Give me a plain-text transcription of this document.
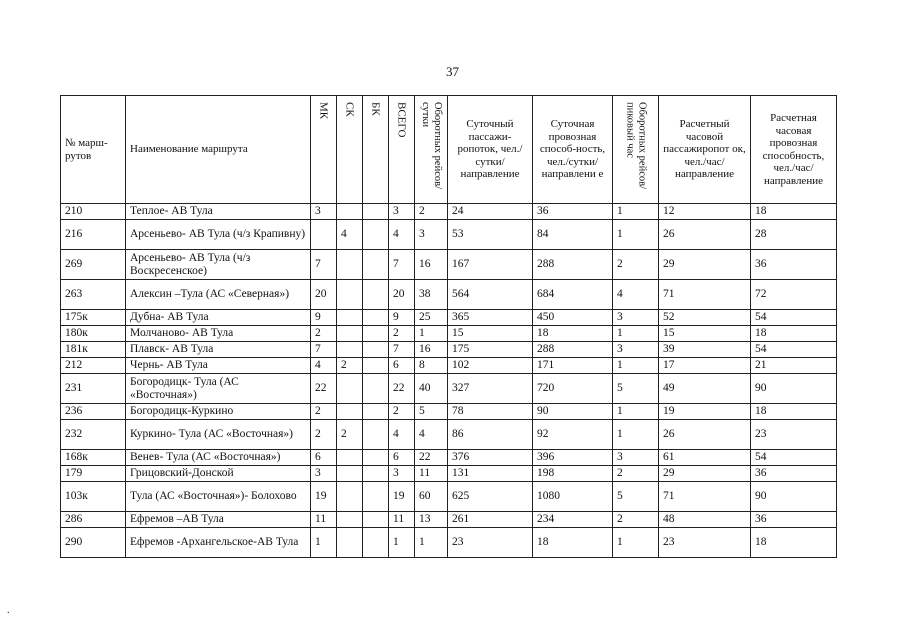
37
№ марш-
рутов	Наименование маршрута	МК	СК	БК	ВСЕГО	Оборотных рейсов/сутки	Суточный пассажи-ропоток, чел./сутки/ направление	Суточная провозная способ-ность, чел./сутки/ направлени е	Оборотных рейсов/ пиковый час	Расчетный часовой пассажиропот ок, чел./час/ направление	Расчетная часовая провозная способность, чел./час/ направление
210	Теплое- АВ Тула	3			3	2	24	36	1	12	18
216	Арсеньево- АВ Тула (ч/з Крапивну)		4		4	3	53	84	1	26	28
269	Арсеньево- АВ Тула (ч/з Воскресенское)	7			7	16	167	288	2	29	36
263	Алексин –Тула (АС «Северная»)	20			20	38	564	684	4	71	72
175к	Дубна- АВ Тула	9			9	25	365	450	3	52	54
180к	Молчаново- АВ Тула	2			2	1	15	18	1	15	18
181к	Плавск- АВ Тула	7			7	16	175	288	3	39	54
212	Чернь- АВ Тула	4	2		6	8	102	171	1	17	21
231	Богородицк- Тула (АС «Восточная»)	22			22	40	327	720	5	49	90
236	Богородицк-Куркино	2			2	5	78	90	1	19	18
232	Куркино- Тула (АС «Восточная»)	2	2		4	4	86	92	1	26	23
168к	Венев- Тула (АС «Восточная»)	6			6	22	376	396	3	61	54
179	Грицовский-Донской	3			3	11	131	198	2	29	36
103к	Тула (АС «Восточная»)- Болохово	19			19	60	625	1080	5	71	90
286	Ефремов –АВ Тула	11			11	13	261	234	2	48	36
290	Ефремов -Архангельское-АВ Тула	1			1	1	23	18	1	23	18
.
